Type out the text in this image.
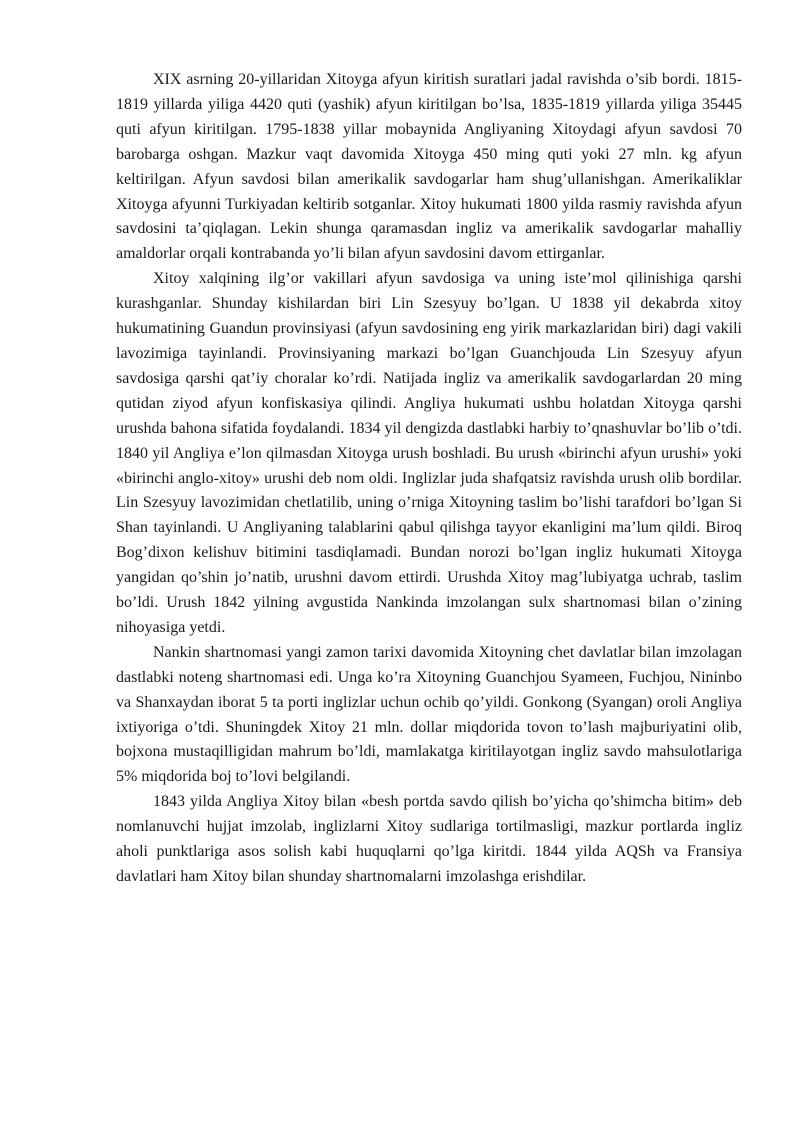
XIX asrning 20-yillaridan Xitoyga afyun kiritish suratlari jadal ravishda o’sib bordi. 1815-1819 yillarda yiliga 4420 quti (yashik) afyun kiritilgan bo’lsa, 1835-1819 yillarda yiliga 35445 quti afyun kiritilgan. 1795-1838 yillar mobaynida Angliyaning Xitoydagi afyun savdosi 70 barobarga oshgan. Mazkur vaqt davomida Xitoyga 450 ming quti yoki 27 mln. kg afyun keltirilgan. Afyun savdosi bilan amerikalik savdogarlar ham shug’ullanishgan. Amerikaliklar Xitoyga afyunni Turkiyadan keltirib sotganlar. Xitoy hukumati 1800 yilda rasmiy ravishda afyun savdosini ta’qiqlagan. Lekin shunga qaramasdan ingliz va amerikalik savdogarlar mahalliy amaldorlar orqali kontrabanda yo’li bilan afyun savdosini davom ettirganlar.

Xitoy xalqining ilg’or vakillari afyun savdosiga va uning iste’mol qilinishiga qarshi kurashganlar. Shunday kishilardan biri Lin Szesyuy bo’lgan. U 1838 yil dekabrda xitoy hukumatining Guandun provinsiyasi (afyun savdosining eng yirik markazlaridan biri) dagi vakili lavozimiga tayinlandi. Provinsiyaning markazi bo’lgan Guanchjouda Lin Szesyuy afyun savdosiga qarshi qat’iy choralar ko’rdi. Natijada ingliz va amerikalik savdogarlardan 20 ming qutidan ziyod afyun konfiskasiya qilindi. Angliya hukumati ushbu holatdan Xitoyga qarshi urushda bahona sifatida foydalandi. 1834 yil dengizda dastlabki harbiy to’qnashuvlar bo’lib o’tdi. 1840 yil Angliya e’lon qilmasdan Xitoyga urush boshladi. Bu urush «birinchi afyun urushi» yoki «birinchi anglo-xitoy» urushi deb nom oldi. Inglizlar juda shafqatsiz ravishda urush olib bordilar. Lin Szesyuy lavozimidan chetlatilib, uning o’rniga Xitoyning taslim bo’lishi tarafdori bo’lgan Si Shan tayinlandi. U Angliyaning talablarini qabul qilishga tayyor ekanligini ma’lum qildi. Biroq Bog’dixon kelishuv bitimini tasdiqlamadi. Bundan norozi bo’lgan ingliz hukumati Xitoyga yangidan qo’shin jo’natib, urushni davom ettirdi. Urushda Xitoy mag’lubiyatga uchrab, taslim bo’ldi. Urush 1842 yilning avgustida Nankinda imzolangan sulx shartnomasi bilan o’zining nihoyasiga yetdi.

Nankin shartnomasi yangi zamon tarixi davomida Xitoyning chet davlatlar bilan imzolagan dastlabki noteng shartnomasi edi. Unga ko’ra Xitoyning Guanchjou Syameen, Fuchjou, Nininbo va Shanxaydan iborat 5 ta porti inglizlar uchun ochib qo’yildi. Gonkong (Syangan) oroli Angliya ixtiyoriga o’tdi. Shuningdek Xitoy 21 mln. dollar miqdorida tovon to’lash majburiyatini olib, bojxona mustaqilligidan mahrum bo’ldi, mamlakatga kiritilayotgan ingliz savdo mahsulotlariga 5% miqdorida boj to’lovi belgilandi.

1843 yilda Angliya Xitoy bilan «besh portda savdo qilish bo’yicha qo’shimcha bitim» deb nomlanuvchi hujjat imzolab, inglizlarni Xitoy sudlariga tortilmasligi, mazkur portlarda ingliz aholi punktlariga asos solish kabi huquqlarni qo’lga kiritdi. 1844 yilda AQSh va Fransiya davlatlari ham Xitoy bilan shunday shartnomalarni imzolashga erishdilar.
